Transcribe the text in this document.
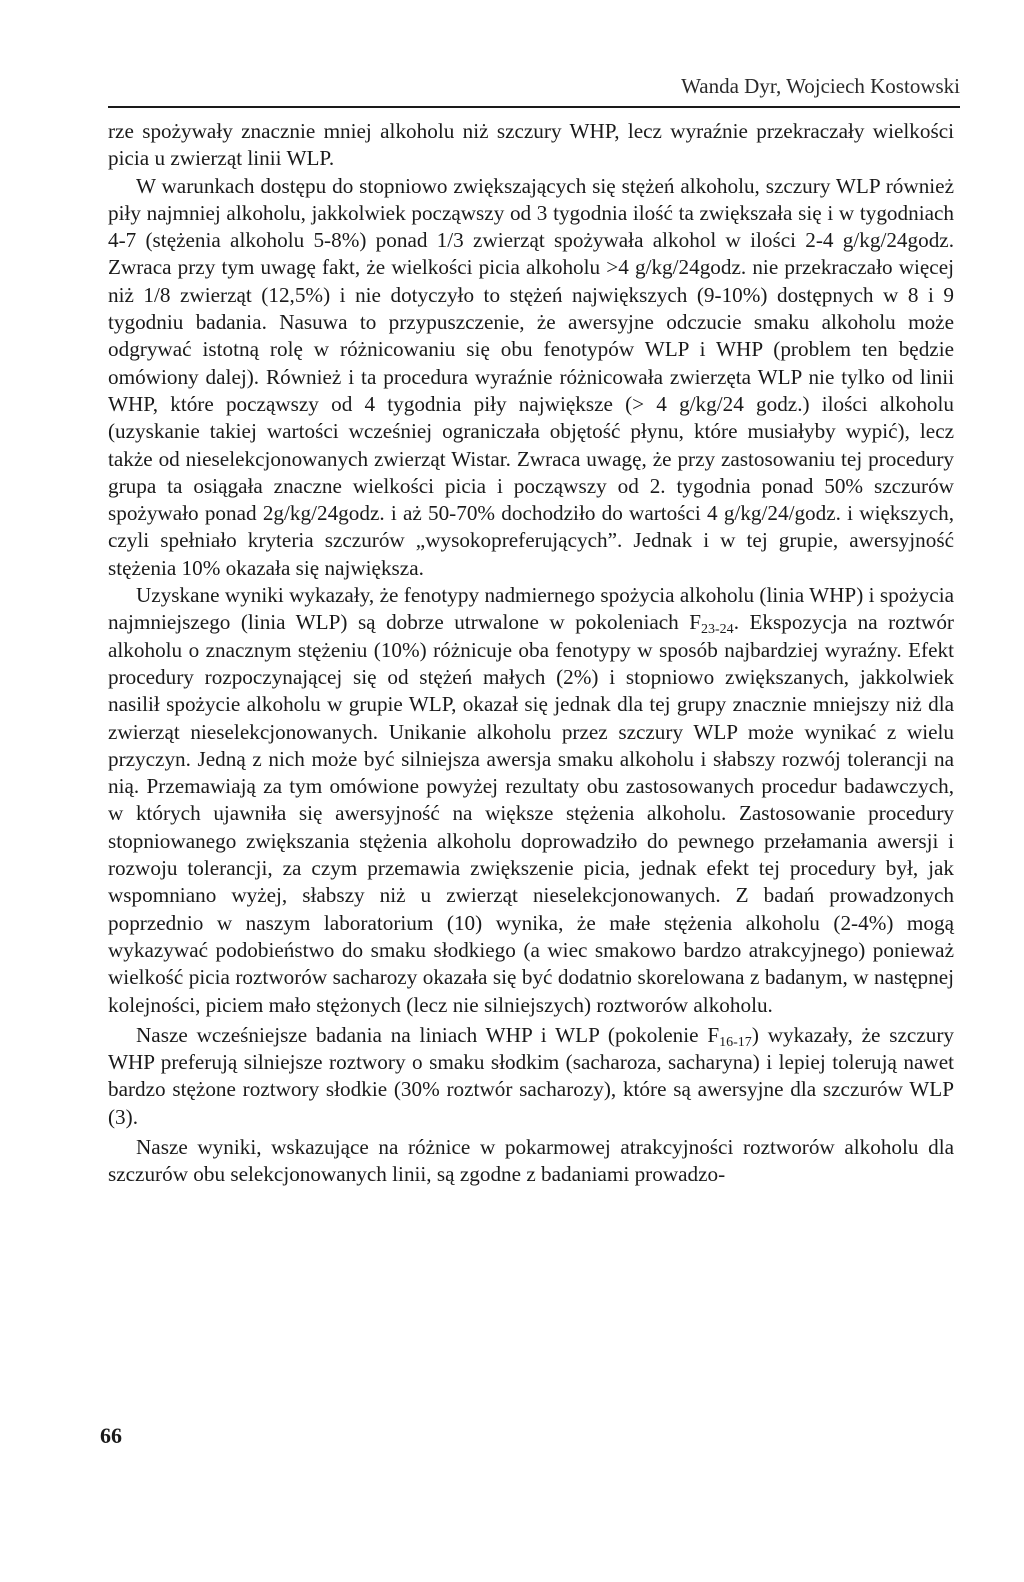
Wanda Dyr, Wojciech Kostowski

rze spożywały znacznie mniej alkoholu niż szczury WHP, lecz wyraźnie przekraczały wielkości picia u zwierząt linii WLP.

W warunkach dostępu do stopniowo zwiększających się stężeń alkoholu, szczury WLP również piły najmniej alkoholu, jakkolwiek począwszy od 3 tygodnia ilość ta zwiększała się i w tygodniach 4-7 (stężenia alkoholu 5-8%) ponad 1/3 zwierząt spożywała alkohol w ilości 2-4 g/kg/24godz. Zwraca przy tym uwagę fakt, że wielkości picia alkoholu >4 g/kg/24godz. nie przekraczało więcej niż 1/8 zwierząt (12,5%) i nie dotyczyło to stężeń największych (9-10%) dostępnych w 8 i 9 tygodniu badania. Nasuwa to przypuszczenie, że awersyjne odczucie smaku alkoholu może odgrywać istotną rolę w różnicowaniu się obu fenotypów WLP i WHP (problem ten będzie omówiony dalej). Również i ta procedura wyraźnie różnicowała zwierzęta WLP nie tylko od linii WHP, które począwszy od 4 tygodnia piły największe (> 4 g/kg/24 godz.) ilości alkoholu (uzyskanie takiej wartości wcześniej ograniczała objętość płynu, które musiałyby wypić), lecz także od nieselekcjonowanych zwierząt Wistar. Zwraca uwagę, że przy zastosowaniu tej procedury grupa ta osiągała znaczne wielkości picia i począwszy od 2. tygodnia ponad 50% szczurów spożywało ponad 2g/kg/24godz. i aż 50-70% dochodziło do wartości 4 g/kg/24/godz. i większych, czyli spełniało kryteria szczurów „wysokopreferujących”. Jednak i w tej grupie, awersyjność stężenia 10% okazała się największa.

Uzyskane wyniki wykazały, że fenotypy nadmiernego spożycia alkoholu (linia WHP) i spożycia najmniejszego (linia WLP) są dobrze utrwalone w pokoleniach $F_{23-24}$. Ekspozycja na roztwór alkoholu o znacznym stężeniu (10%) różnicuje oba fenotypy w sposób najbardziej wyraźny. Efekt procedury rozpoczynającej się od stężeń małych (2%) i stopniowo zwiększanych, jakkolwiek nasilił spożycie alkoholu w grupie WLP, okazał się jednak dla tej grupy znacznie mniejszy niż dla zwierząt nieselekcjonowanych. Unikanie alkoholu przez szczury WLP może wynikać z wielu przyczyn. Jedną z nich może być silniejsza awersja smaku alkoholu i słabszy rozwój tolerancji na nią. Przemawiają za tym omówione powyżej rezultaty obu zastosowanych procedur badawczych, w których ujawniła się awersyjność na większe stężenia alkoholu. Zastosowanie procedury stopniowanego zwiększania stężenia alkoholu doprowadziło do pewnego przełamania awersji i rozwoju tolerancji, za czym przemawia zwiększenie picia, jednak efekt tej procedury był, jak wspomniano wyżej, słabszy niż u zwierząt nieselekcjonowanych. Z badań prowadzonych poprzednio w naszym laboratorium (10) wynika, że małe stężenia alkoholu (2-4%) mogą wykazywać podobieństwo do smaku słodkiego (a wiec smakowo bardzo atrakcyjnego) ponieważ wielkość picia roztworów sacharozy okazała się być dodatnio skorelowana z badanym, w następnej kolejności, piciem mało stężonych (lecz nie silniejszych) roztworów alkoholu.

Nasze wcześniejsze badania na liniach WHP i WLP (pokolenie $F_{16-17}$) wykazały, że szczury WHP preferują silniejsze roztwory o smaku słodkim (sacharoza, sacharyna) i lepiej tolerują nawet bardzo stężone roztwory słodkie (30% roztwór sacharozy), które są awersyjne dla szczurów WLP (3).

Nasze wyniki, wskazujące na różnice w pokarmowej atrakcyjności roztworów alkoholu dla szczurów obu selekcjonowanych linii, są zgodne z badaniami prowadzo-

66
